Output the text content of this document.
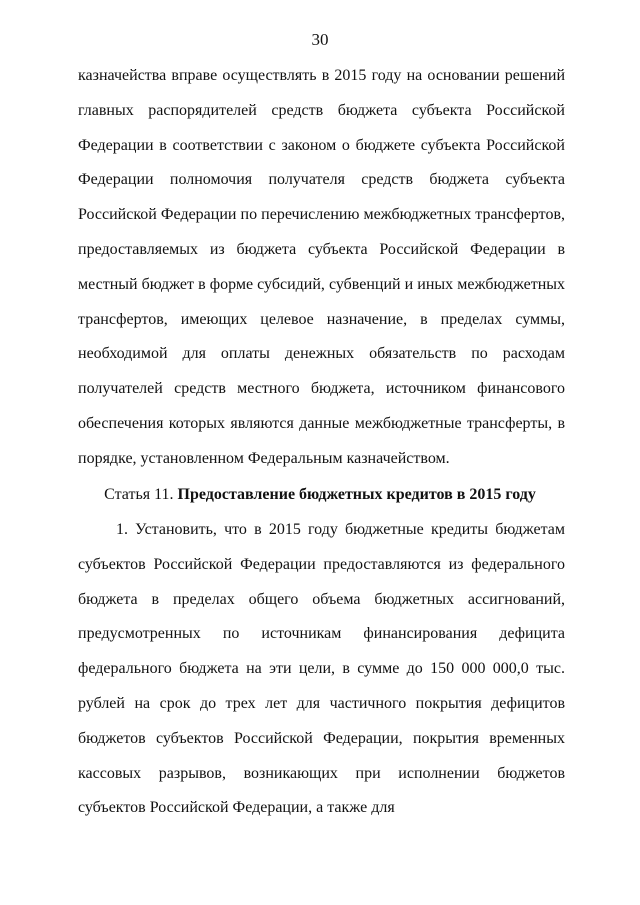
30

казначейства вправе осуществлять в 2015 году на основании решений главных распорядителей средств бюджета субъекта Российской Федерации в соответствии с законом о бюджете субъекта Российской Федерации полномочия получателя средств бюджета субъекта Российской Федерации по перечислению межбюджетных трансфертов, предоставляемых из бюджета субъекта Российской Федерации в местный бюджет в форме субсидий, субвенций и иных межбюджетных трансфертов, имеющих целевое назначение, в пределах суммы, необходимой для оплаты денежных обязательств по расходам получателей средств местного бюджета, источником финансового обеспечения которых являются данные межбюджетные трансферты, в порядке, установленном Федеральным казначейством.

Статья 11. Предоставление бюджетных кредитов в 2015 году

1. Установить, что в 2015 году бюджетные кредиты бюджетам субъектов Российской Федерации предоставляются из федерального бюджета в пределах общего объема бюджетных ассигнований, предусмотренных по источникам финансирования дефицита федерального бюджета на эти цели, в сумме до 150 000 000,0 тыс. рублей на срок до трех лет для частичного покрытия дефицитов бюджетов субъектов Российской Федерации, покрытия временных кассовых разрывов, возникающих при исполнении бюджетов субъектов Российской Федерации, а также для
